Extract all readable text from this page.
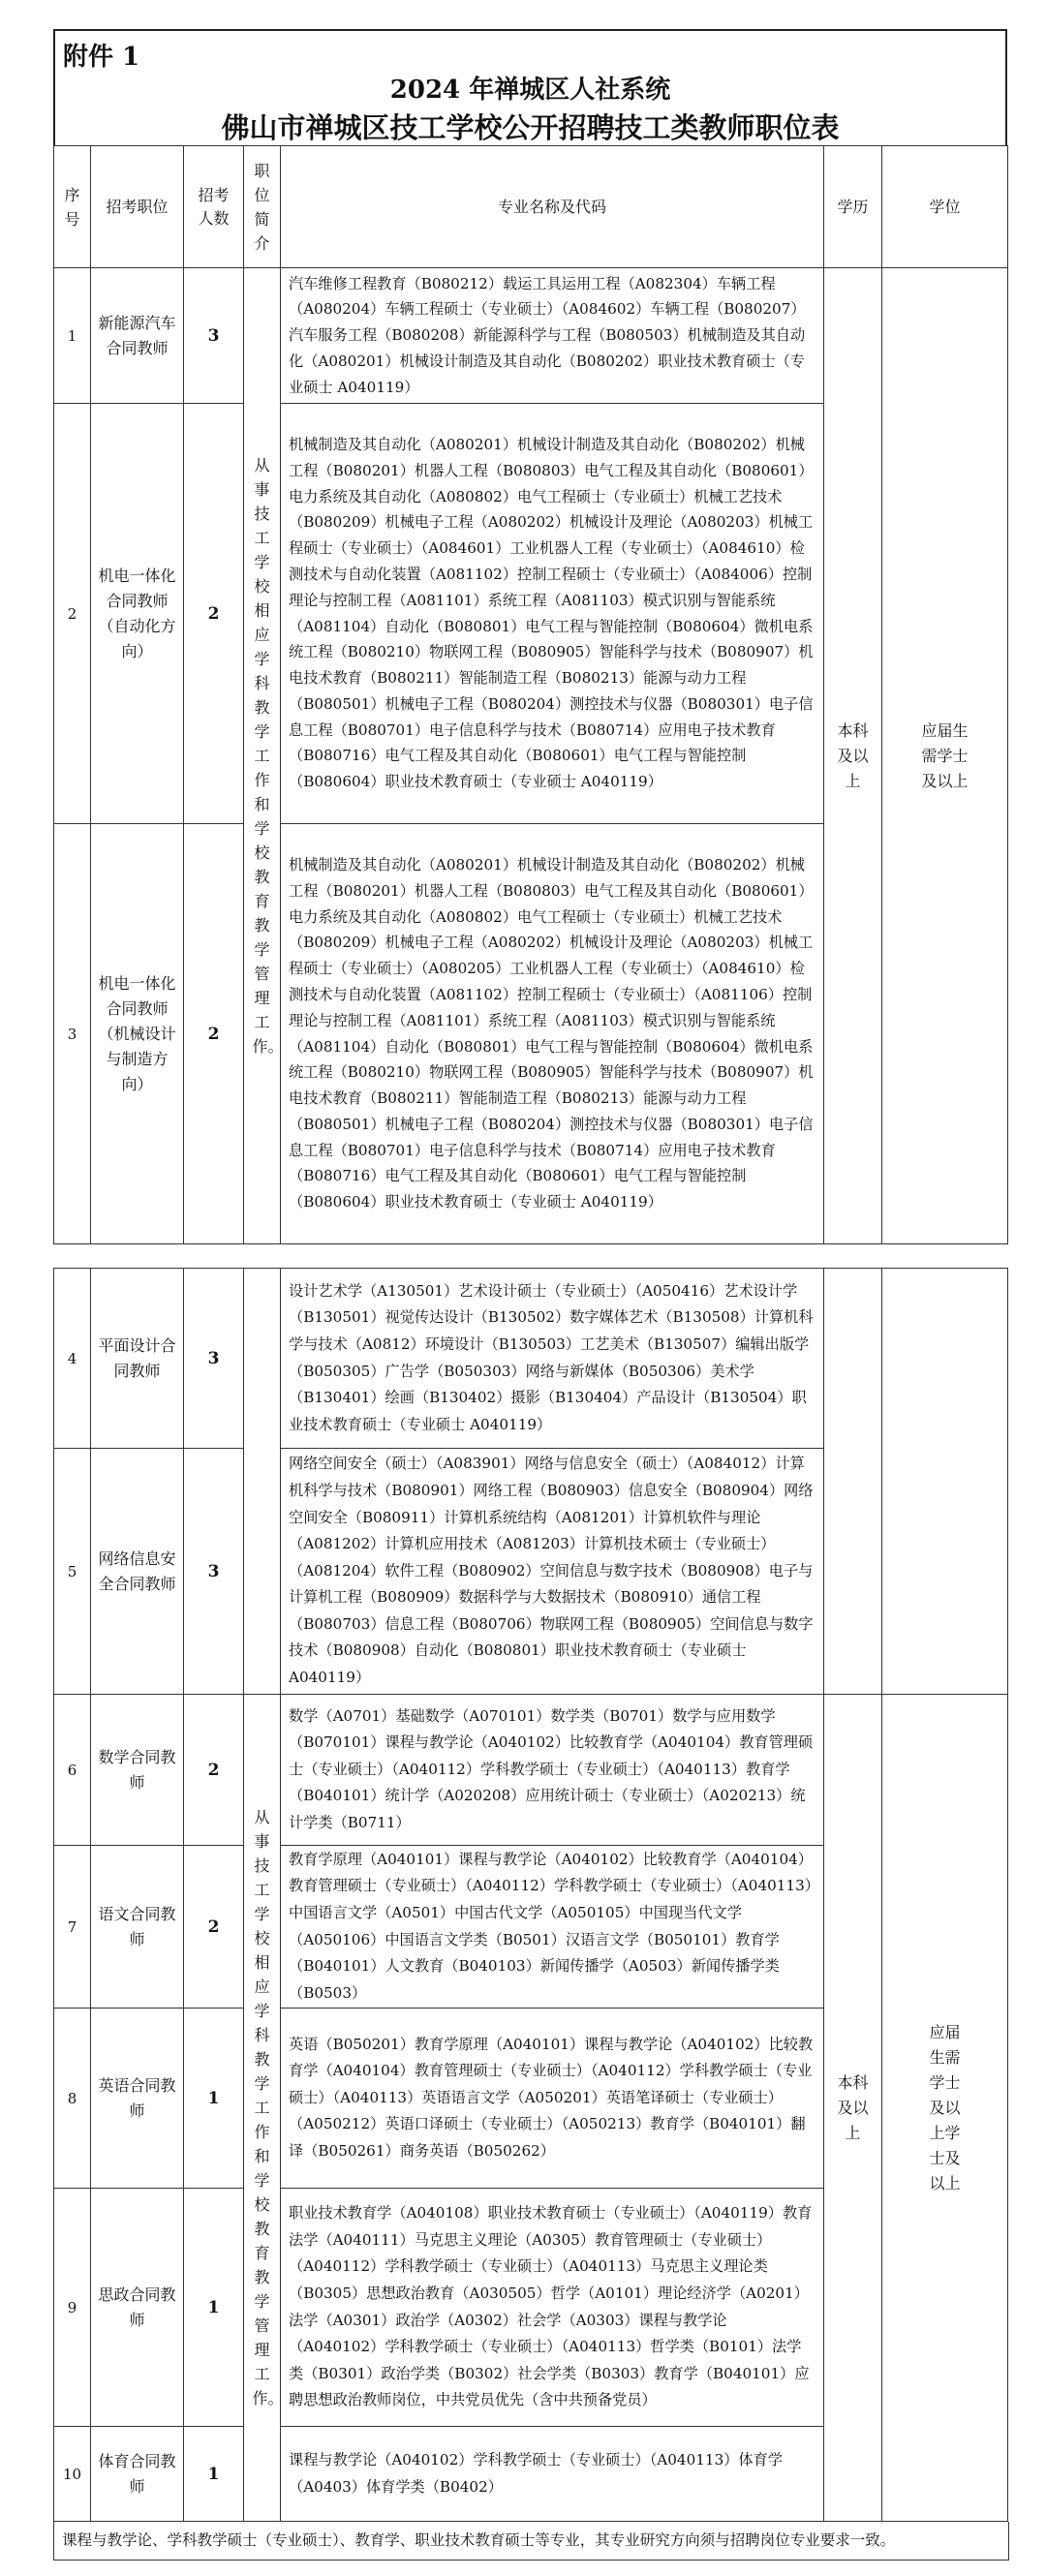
附件 1
2024 年禅城区人社系统
佛山市禅城区技工学校公开招聘技工类教师职位表
序号	招考职位	招考人数	职位简介	专业名称及代码	学历	学位
1	新能源汽车合同教师	3	从事技工学校相应学科教学工作和学校教育教学管理工作。	汽车维修工程教育（B080212）载运工具运用工程（A082304）车辆工程（A080204）车辆工程硕士（专业硕士）（A084602）车辆工程（B080207）汽车服务工程（B080208）新能源科学与工程（B080503）机械制造及其自动化（A080201）机械设计制造及其自动化（B080202）职业技术教育硕士（专业硕士 A040119）	本科及以上	应届生需学士及以上

2	机电一体化合同教师（自动化方向）	2		机械制造及其自动化（A080201）机械设计制造及其自动化（B080202）机械工程（B080201）机器人工程（B080803）电气工程及其自动化（B080601）电力系统及其自动化（A080802）电气工程硕士（专业硕士）机械工艺技术（B080209）机械电子工程（A080202）机械设计及理论（A080203）机械工程硕士（专业硕士）（A084601）工业机器人工程（专业硕士）（A084610）检测技术与自动化装置（A081102）控制工程硕士（专业硕士）（A084006）控制理论与控制工程（A081101）系统工程（A081103）模式识别与智能系统（A081104）自动化（B080801）电气工程与智能控制（B080604）微机电系统工程（B080210）物联网工程（B080905）智能科学与技术（B080907）机电技术教育（B080211）智能制造工程（B080213）能源与动力工程（B080501）机械电子工程（B080204）测控技术与仪器（B080301）电子信息工程（B080701）电子信息科学与技术（B080714）应用电子技术教育（B080716）电气工程及其自动化（B080601）电气工程与智能控制（B080604）职业技术教育硕士（专业硕士 A040119）		
3	机电一体化合同教师（机械设计与制造方向）	2		机械制造及其自动化（A080201）机械设计制造及其自动化（B080202）机械工程（B080201）机器人工程（B080803）电气工程及其自动化（B080601）电力系统及其自动化（A080802）电气工程硕士（专业硕士）机械工艺技术（B080209）机械电子工程（A080202）机械设计及理论（A080203）机械工程硕士（专业硕士）（A080205）工业机器人工程（专业硕士）（A084610）检测技术与自动化装置（A081102）控制工程硕士（专业硕士）（A081106）控制理论与控制工程（A081101）系统工程（A081103）模式识别与智能系统（A081104）自动化（B080801）电气工程与智能控制（B080604）微机电系统工程（B080210）物联网工程（B080905）智能科学与技术（B080907）机电技术教育（B080211）智能制造工程（B080213）能源与动力工程（B080501）机械电子工程（B080204）测控技术与仪器（B080301）电子信息工程（B080701）电子信息科学与技术（B080714）应用电子技术教育（B080716）电气工程及其自动化（B080601）电气工程与智能控制（B080604）职业技术教育硕士（专业硕士 A040119）		
4	平面设计合同教师	3		设计艺术学（A130501）艺术设计硕士（专业硕士）（A050416）艺术设计学（B130501）视觉传达设计（B130502）数字媒体艺术（B130508）计算机科学与技术（A0812）环境设计（B130503）工艺美术（B130507）编辑出版学（B050305）广告学（B050303）网络与新媒体（B050306）美术学（B130401）绘画（B130402）摄影（B130404）产品设计（B130504）职业技术教育硕士（专业硕士 A040119）		
5	网络信息安全合同教师	3		网络空间安全（硕士）（A083901）网络与信息安全（硕士）（A084012）计算机科学与技术（B080901）网络工程（B080903）信息安全（B080904）网络空间安全（B080911）计算机系统结构（A081201）计算机软件与理论（A081202）计算机应用技术（A081203）计算机技术硕士（专业硕士）（A081204）软件工程（B080902）空间信息与数字技术（B080908）电子与计算机工程（B080909）数据科学与大数据技术（B080910）通信工程（B080703）信息工程（B080706）物联网工程（B080905）空间信息与数字技术（B080908）自动化（B080801）职业技术教育硕士（专业硕士 A040119）		
6	数学合同教师	2	从事技工学校相应学科教学工作和学校教育教学管理工作。	数学（A0701）基础数学（A070101）数学类（B0701）数学与应用数学（B070101）课程与教学论（A040102）比较教育学（A040104）教育管理硕士（专业硕士）（A040112）学科教学硕士（专业硕士）（A040113）教育学（B040101）统计学（A020208）应用统计硕士（专业硕士）（A020213）统计学类（B0711）	本科及以上	应届生需学士及以上学士及以上

7	语文合同教师	2		教育学原理（A040101）课程与教学论（A040102）比较教育学（A040104）教育管理硕士（专业硕士）（A040112）学科教学硕士（专业硕士）（A040113）中国语言文学（A0501）中国古代文学（A050105）中国现当代文学（A050106）中国语言文学类（B0501）汉语言文学（B050101）教育学（B040101）人文教育（B040103）新闻传播学（A0503）新闻传播学类（B0503）		
8	英语合同教师	1		英语（B050201）教育学原理（A040101）课程与教学论（A040102）比较教育学（A040104）教育管理硕士（专业硕士）（A040112）学科教学硕士（专业硕士）（A040113）英语语言文学（A050201）英语笔译硕士（专业硕士）（A050212）英语口译硕士（专业硕士）（A050213）教育学（B040101）翻译（B050261）商务英语（B050262）		
9	思政合同教师	1		职业技术教育学（A040108）职业技术教育硕士（专业硕士）（A040119）教育法学（A040111）马克思主义理论（A0305）教育管理硕士（专业硕士）（A040112）学科教学硕士（专业硕士）（A040113）马克思主义理论类（B0305）思想政治教育（A030505）哲学（A0101）理论经济学（A0201）法学（A0301）政治学（A0302）社会学（A0303）课程与教学论（A040102）学科教学硕士（专业硕士）（A040113）哲学类（B0101）法学类（B0301）政治学类（B0302）社会学类（B0303）教育学（B040101）应聘思想政治教师岗位，中共党员优先（含中共预备党员）		
10	体育合同教师	1		课程与教学论（A040102）学科教学硕士（专业硕士）（A040113）体育学（A0403）体育学类（B0402）		
课程与教学论、学科教学硕士（专业硕士）、教育学、职业技术教育硕士等专业，其专业研究方向须与招聘岗位专业要求一致。
